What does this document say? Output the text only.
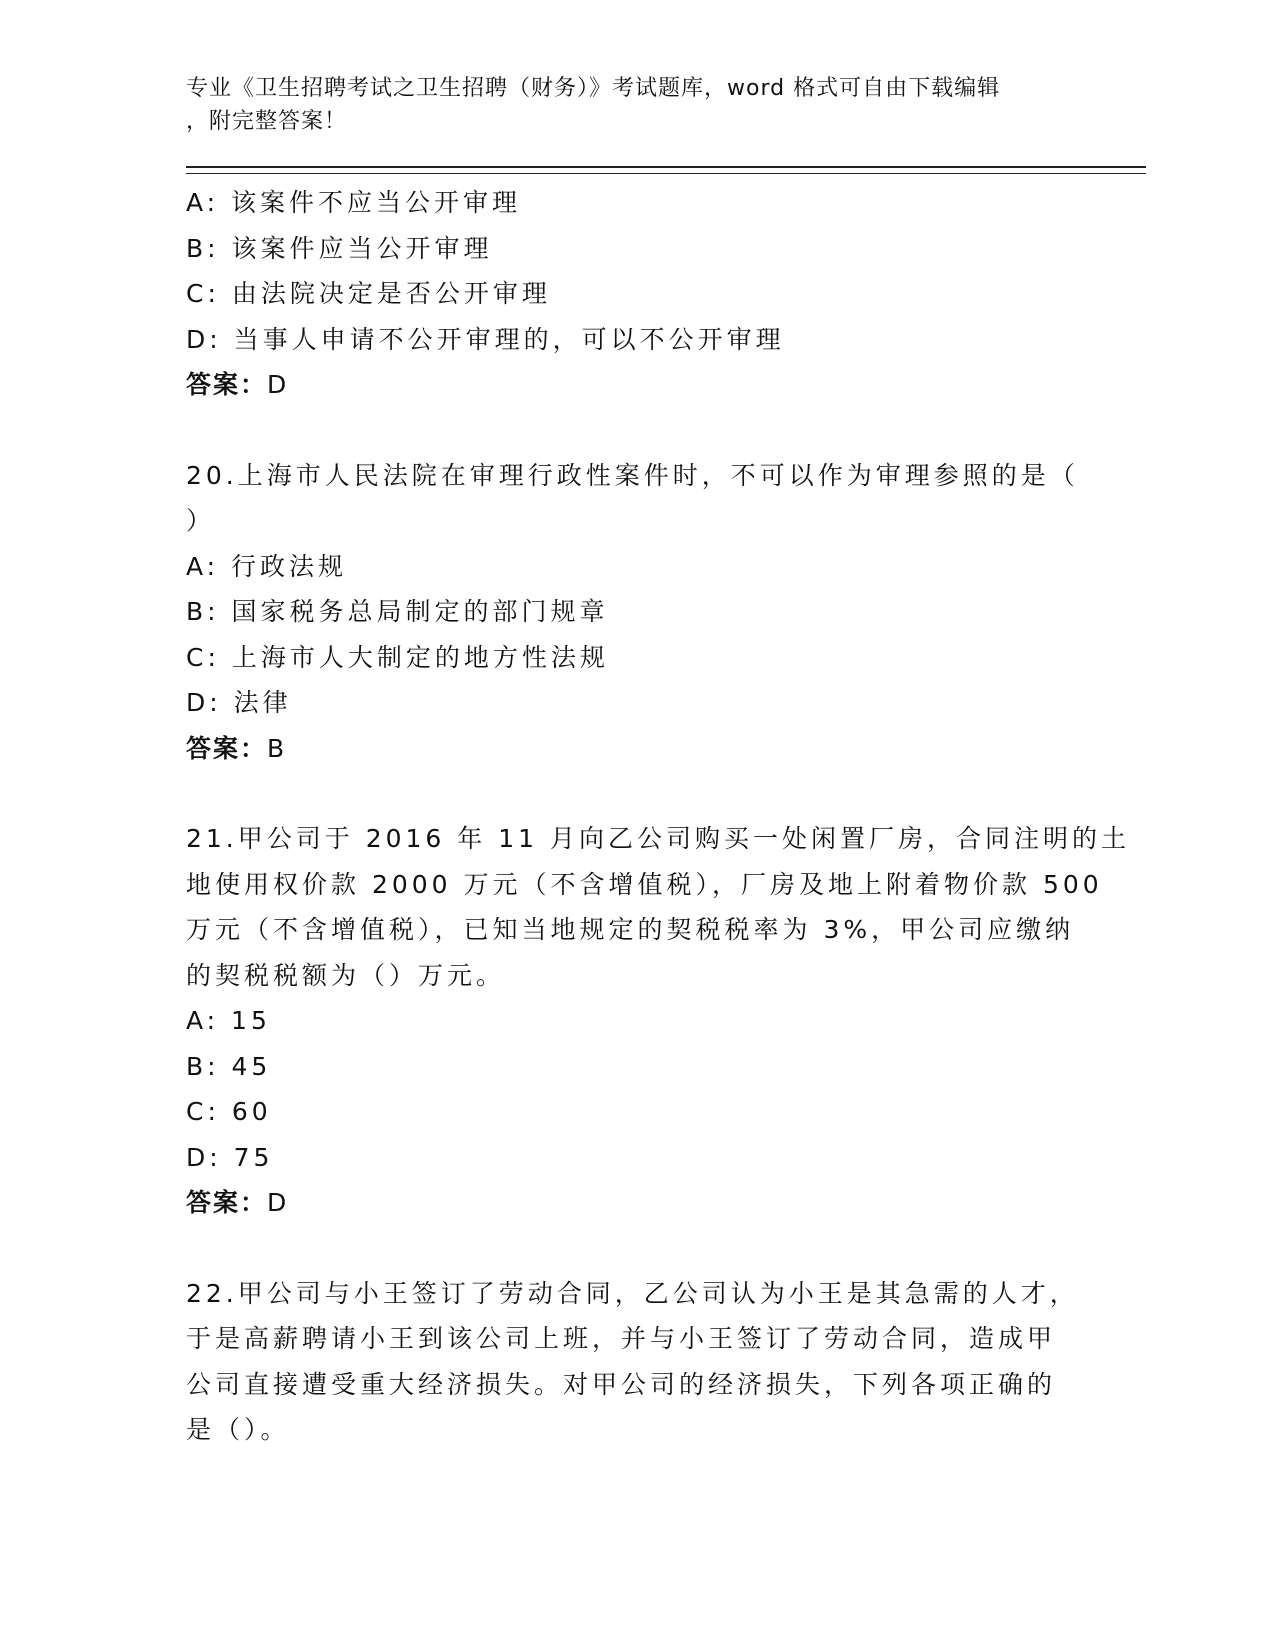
专业《卫生招聘考试之卫生招聘（财务）》考试题库，word 格式可自由下载编辑
，附完整答案！
A: 该案件不应当公开审理
B: 该案件应当公开审理
C: 由法院决定是否公开审理
D: 当事人申请不公开审理的，可以不公开审理
答案：D
20.上海市人民法院在审理行政性案件时，不可以作为审理参照的是（
）
A: 行政法规
B: 国家税务总局制定的部门规章
C: 上海市人大制定的地方性法规
D: 法律
答案：B
21.甲公司于 2016 年 11 月向乙公司购买一处闲置厂房，合同注明的土
地使用权价款 2000 万元（不含增值税），厂房及地上附着物价款 500
万元（不含增值税），已知当地规定的契税税率为 3%，甲公司应缴纳
的契税税额为（）万元。
A: 15
B: 45
C: 60
D: 75
答案：D
22.甲公司与小王签订了劳动合同，乙公司认为小王是其急需的人才，
于是高薪聘请小王到该公司上班，并与小王签订了劳动合同，造成甲
公司直接遭受重大经济损失。对甲公司的经济损失，下列各项正确的
是（）。
